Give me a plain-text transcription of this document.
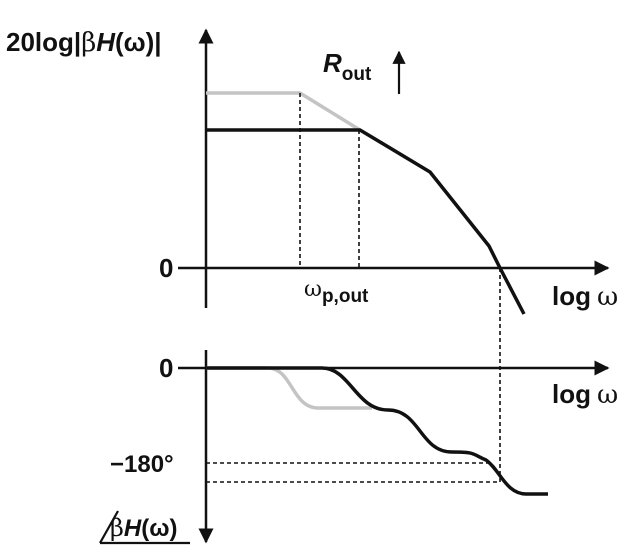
20log|βH(ω)|
0
ωp,out	log ω
$R_{out}$
0
−180°
log ω
βH(ω)
